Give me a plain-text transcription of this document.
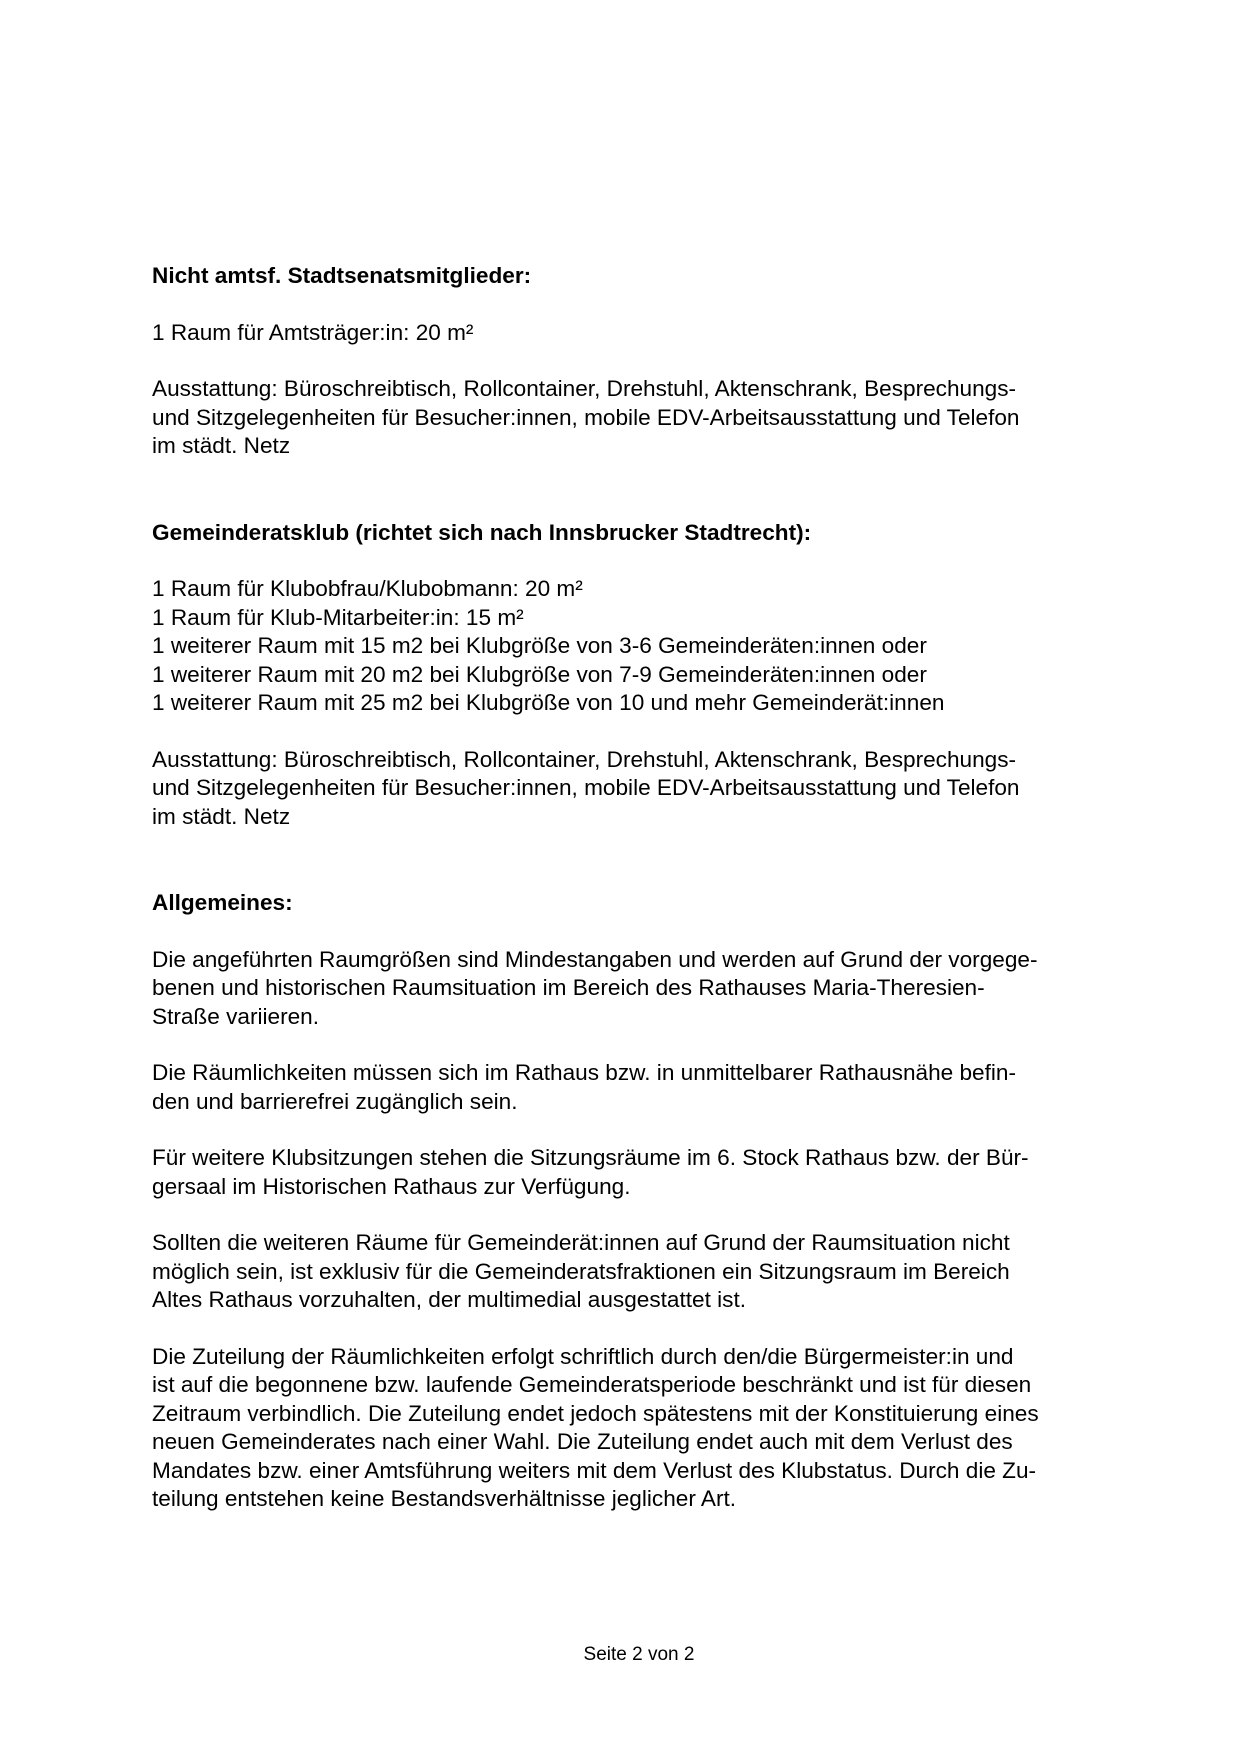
Nicht amtsf. Stadtsenatsmitglieder:

1 Raum für Amtsträger:in: 20 m²

Ausstattung: Büroschreibtisch, Rollcontainer, Drehstuhl, Aktenschrank, Besprechungs-
und Sitzgelegenheiten für Besucher:innen, mobile EDV-Arbeitsausstattung und Telefon
im städt. Netz

Gemeinderatsklub (richtet sich nach Innsbrucker Stadtrecht):

1 Raum für Klubobfrau/Klubobmann: 20 m²
1 Raum für Klub-Mitarbeiter:in: 15 m²
1 weiterer Raum mit 15 m2 bei Klubgröße von 3-6 Gemeinderäten:innen oder
1 weiterer Raum mit 20 m2 bei Klubgröße von 7-9 Gemeinderäten:innen oder
1 weiterer Raum mit 25 m2 bei Klubgröße von 10 und mehr Gemeinderät:innen

Ausstattung: Büroschreibtisch, Rollcontainer, Drehstuhl, Aktenschrank, Besprechungs-
und Sitzgelegenheiten für Besucher:innen, mobile EDV-Arbeitsausstattung und Telefon
im städt. Netz

Allgemeines:

Die angeführten Raumgrößen sind Mindestangaben und werden auf Grund der vorgege-
benen und historischen Raumsituation im Bereich des Rathauses Maria-Theresien-
Straße variieren.

Die Räumlichkeiten müssen sich im Rathaus bzw. in unmittelbarer Rathausnähe befin-
den und barrierefrei zugänglich sein.

Für weitere Klubsitzungen stehen die Sitzungsräume im 6. Stock Rathaus bzw. der Bür-
gersaal im Historischen Rathaus zur Verfügung.

Sollten die weiteren Räume für Gemeinderät:innen auf Grund der Raumsituation nicht
möglich sein, ist exklusiv für die Gemeinderatsfraktionen ein Sitzungsraum im Bereich
Altes Rathaus vorzuhalten, der multimedial ausgestattet ist.

Die Zuteilung der Räumlichkeiten erfolgt schriftlich durch den/die Bürgermeister:in und
ist auf die begonnene bzw. laufende Gemeinderatsperiode beschränkt und ist für diesen
Zeitraum verbindlich. Die Zuteilung endet jedoch spätestens mit der Konstituierung eines
neuen Gemeinderates nach einer Wahl. Die Zuteilung endet auch mit dem Verlust des
Mandates bzw. einer Amtsführung weiters mit dem Verlust des Klubstatus. Durch die Zu-
teilung entstehen keine Bestandsverhältnisse jeglicher Art.

Seite 2 von 2
